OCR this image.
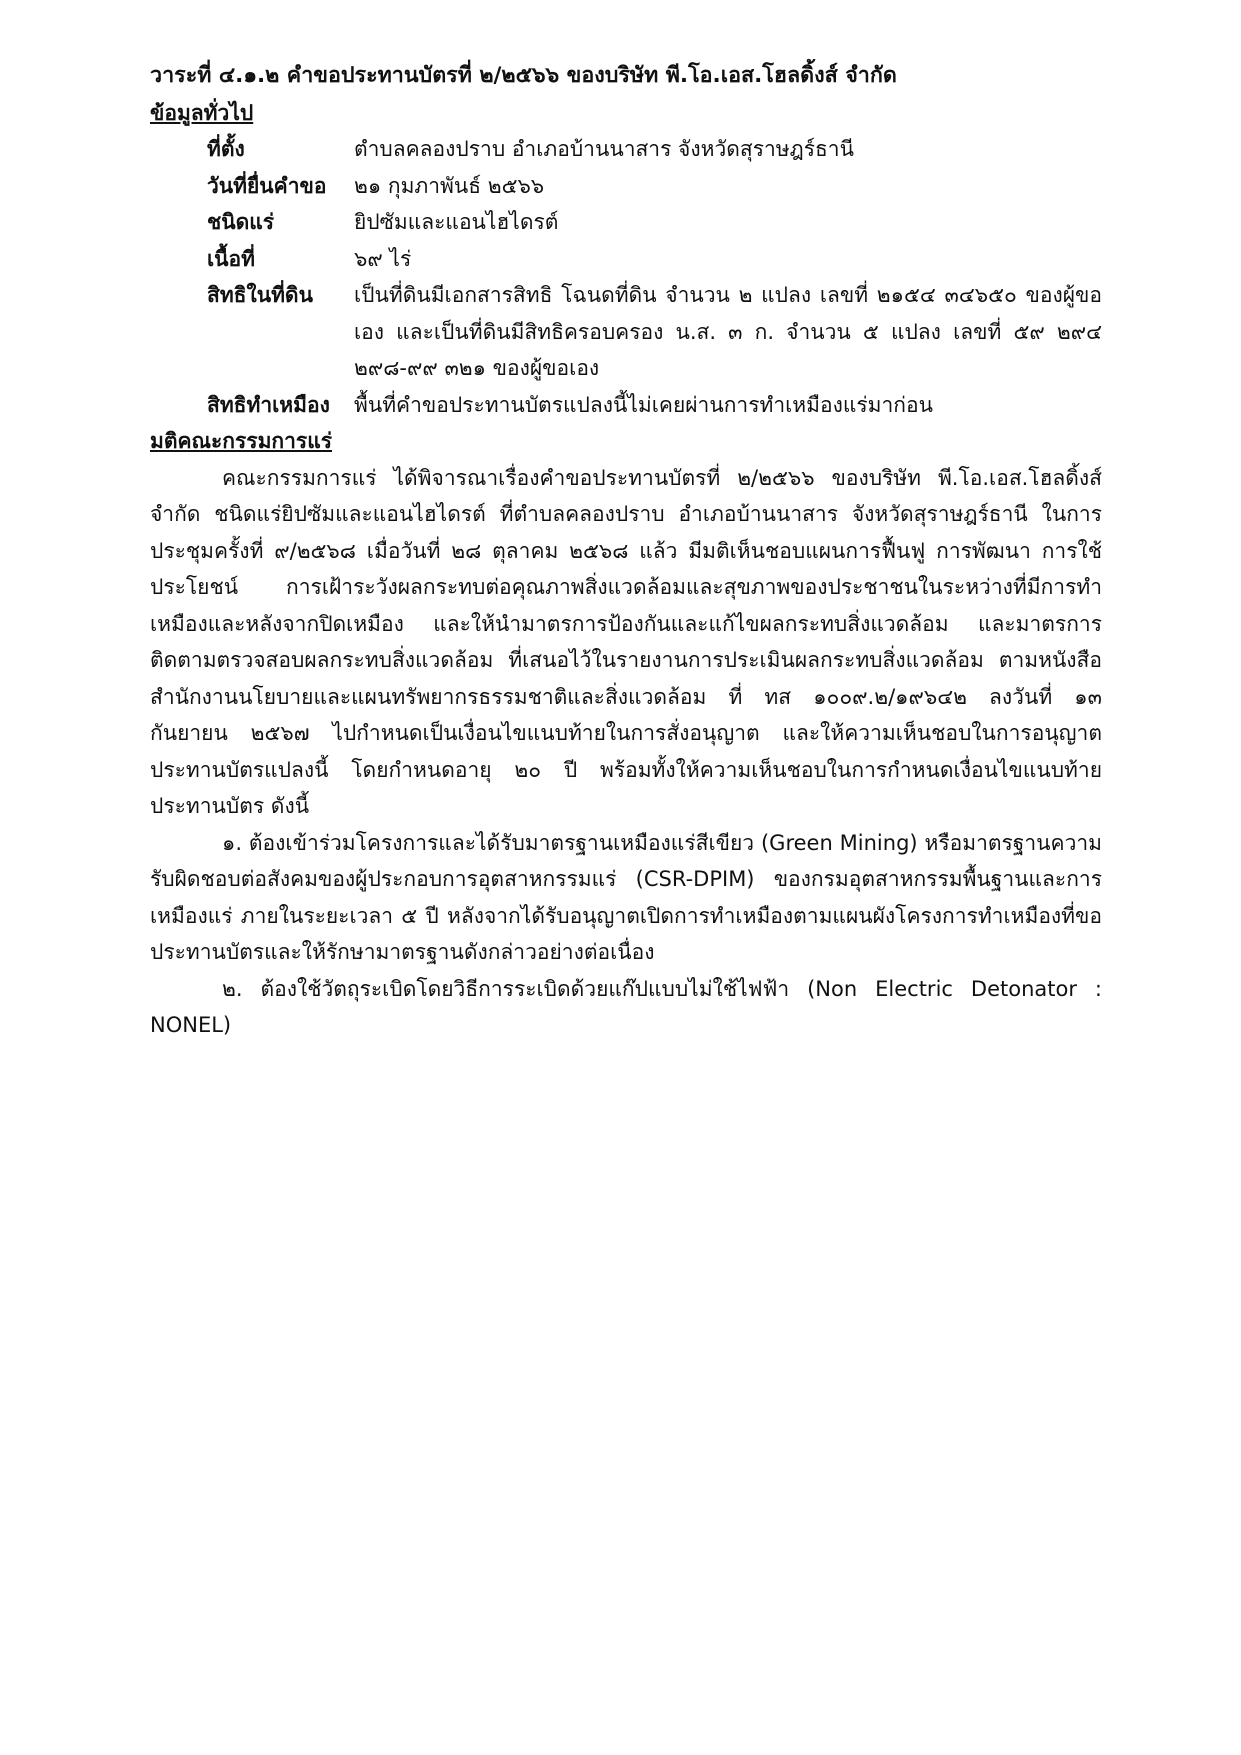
วาระที่ ๔.๑.๒ คำขอประทานบัตรที่ ๒/๒๕๖๖ ของบริษัท พี.โอ.เอส.โฮลดิ้งส์ จำกัด

ข้อมูลทั่วไป

ที่ตั้ง	ตำบลคลองปราบ อำเภอบ้านนาสาร จังหวัดสุราษฎร์ธานี
วันที่ยื่นคำขอ	๒๑ กุมภาพันธ์ ๒๕๖๖
ชนิดแร่	ยิปซัมและแอนไฮไดรต์
เนื้อที่	๖๙ ไร่
สิทธิในที่ดิน	เป็นที่ดินมีเอกสารสิทธิ โฉนดที่ดิน จำนวน ๒ แปลง เลขที่ ๒๑๕๔ ๓๔๖๕๐ ของผู้ขอเอง และเป็นที่ดินมีสิทธิครอบครอง น.ส. ๓ ก. จำนวน ๕ แปลง เลขที่ ๕๙ ๒๙๔ ๒๙๘-๙๙ ๓๒๑ ของผู้ขอเอง
สิทธิทำเหมือง	พื้นที่คำขอประทานบัตรแปลงนี้ไม่เคยผ่านการทำเหมืองแร่มาก่อน

มติคณะกรรมการแร่

คณะกรรมการแร่ ได้พิจารณาเรื่องคำขอประทานบัตรที่ ๒/๒๕๖๖ ของบริษัท พี.โอ.เอส.โฮลดิ้งส์ จำกัด ชนิดแร่ยิปซัมและแอนไฮไดรต์ ที่ตำบลคลองปราบ อำเภอบ้านนาสาร จังหวัดสุราษฎร์ธานี ในการประชุมครั้งที่ ๙/๒๕๖๘ เมื่อวันที่ ๒๘ ตุลาคม ๒๕๖๘ แล้ว มีมติเห็นชอบแผนการฟื้นฟู การพัฒนา การใช้ประโยชน์ การเฝ้าระวังผลกระทบต่อคุณภาพสิ่งแวดล้อมและสุขภาพของประชาชนในระหว่างที่มีการทำเหมืองและหลังจากปิดเหมือง และให้นำมาตรการป้องกันและแก้ไขผลกระทบสิ่งแวดล้อม และมาตรการติดตามตรวจสอบผลกระทบสิ่งแวดล้อม ที่เสนอไว้ในรายงานการประเมินผลกระทบสิ่งแวดล้อม ตามหนังสือสำนักงานนโยบายและแผนทรัพยากรธรรมชาติและสิ่งแวดล้อม ที่ ทส ๑๐๐๙.๒/๑๙๖๔๒ ลงวันที่ ๑๓ กันยายน ๒๕๖๗ ไปกำหนดเป็นเงื่อนไขแนบท้ายในการสั่งอนุญาต และให้ความเห็นชอบในการอนุญาตประทานบัตรแปลงนี้ โดยกำหนดอายุ ๒๐ ปี พร้อมทั้งให้ความเห็นชอบในการกำหนดเงื่อนไขแนบท้ายประทานบัตร ดังนี้

๑. ต้องเข้าร่วมโครงการและได้รับมาตรฐานเหมืองแร่สีเขียว (Green Mining) หรือมาตรฐานความรับผิดชอบต่อสังคมของผู้ประกอบการอุตสาหกรรมแร่ (CSR-DPIM) ของกรมอุตสาหกรรมพื้นฐานและการเหมืองแร่ ภายในระยะเวลา ๕ ปี หลังจากได้รับอนุญาตเปิดการทำเหมืองตามแผนผังโครงการทำเหมืองที่ขอประทานบัตรและให้รักษามาตรฐานดังกล่าวอย่างต่อเนื่อง

๒. ต้องใช้วัตถุระเบิดโดยวิธีการระเบิดด้วยแก๊ปแบบไม่ใช้ไฟฟ้า (Non Electric Detonator : NONEL)
